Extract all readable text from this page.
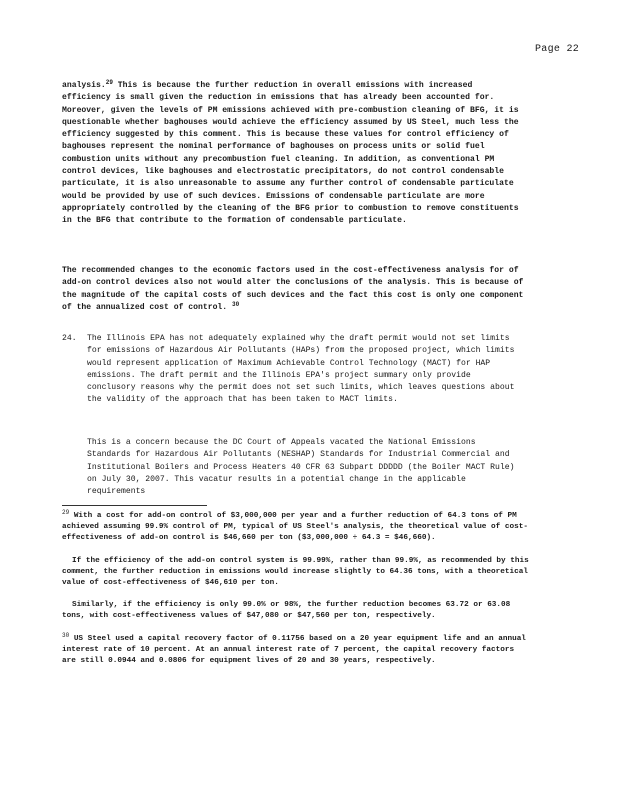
Page 22
analysis.$^{29}$ This is because the further reduction in overall emissions with increased efficiency is small given the reduction in emissions that has already been accounted for. Moreover, given the levels of PM emissions achieved with pre-combustion cleaning of BFG, it is questionable whether baghouses would achieve the efficiency assumed by US Steel, much less the efficiency suggested by this comment. This is because these values for control efficiency of baghouses represent the nominal performance of baghouses on process units or solid fuel combustion units without any precombustion fuel cleaning. In addition, as conventional PM control devices, like baghouses and electrostatic precipitators, do not control condensable particulate, it is also unreasonable to assume any further control of condensable particulate would be provided by use of such devices. Emissions of condensable particulate are more appropriately controlled by the cleaning of the BFG prior to combustion to remove constituents in the BFG that contribute to the formation of condensable particulate.
The recommended changes to the economic factors used in the cost-effectiveness analysis for of add-on control devices also not would alter the conclusions of the analysis. This is because of the magnitude of the capital costs of such devices and the fact this cost is only one component of the annualized cost of control. $^{30}$
24. The Illinois EPA has not adequately explained why the draft permit would not set limits for emissions of Hazardous Air Pollutants (HAPs) from the proposed project, which limits would represent application of Maximum Achievable Control Technology (MACT) for HAP emissions. The draft permit and the Illinois EPA's project summary only provide conclusory reasons why the permit does not set such limits, which leaves questions about the validity of the approach that has been taken to MACT limits.
This is a concern because the DC Court of Appeals vacated the National Emissions Standards for Hazardous Air Pollutants (NESHAP) Standards for Industrial Commercial and Institutional Boilers and Process Heaters 40 CFR 63 Subpart DDDDD (the Boiler MACT Rule) on July 30, 2007. This vacatur results in a potential change in the applicable requirements
$^{29}$ With a cost for add-on control of $3,000,000 per year and a further reduction of 64.3 tons of PM achieved assuming 99.9% control of PM, typical of US Steel's analysis, the theoretical value of cost-effectiveness of add-on control is $46,660 per ton ($3,000,000 ÷ 64.3 = $46,660).
If the efficiency of the add-on control system is 99.99%, rather than 99.9%, as recommended by this comment, the further reduction in emissions would increase slightly to 64.36 tons, with a theoretical value of cost-effectiveness of $46,610 per ton.
Similarly, if the efficiency is only 99.0% or 98%, the further reduction becomes 63.72 or 63.08 tons, with cost-effectiveness values of $47,080 or $47,560 per ton, respectively.
$^{30}$ US Steel used a capital recovery factor of 0.11756 based on a 20 year equipment life and an annual interest rate of 10 percent. At an annual interest rate of 7 percent, the capital recovery factors are still 0.0944 and 0.0806 for equipment lives of 20 and 30 years, respectively.
